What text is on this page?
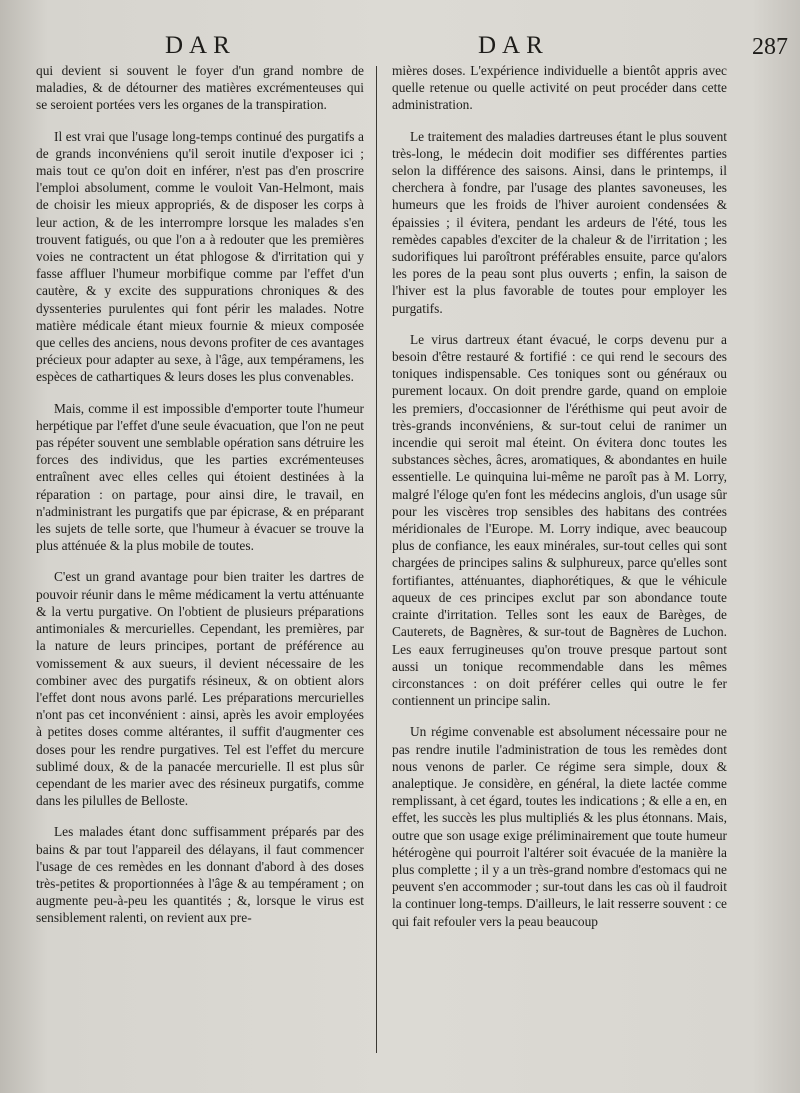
DAR	DAR	287

qui devient si souvent le foyer d'un grand nombre de maladies, & de détourner des matières excrémenteuses qui se seroient portées vers les organes de la transpiration.

Il est vrai que l'usage long-temps continué des purgatifs a de grands inconvéniens qu'il seroit inutile d'exposer ici ; mais tout ce qu'on doit en inférer, n'est pas d'en proscrire l'emploi absolument, comme le vouloit Van-Helmont, mais de choisir les mieux appropriés, & de disposer les corps à leur action, & de les interrompre lorsque les malades s'en trouvent fatigués, ou que l'on a à redouter que les premières voies ne contractent un état phlogose & d'irritation qui y fasse affluer l'humeur morbifique comme par l'effet d'un cautère, & y excite des suppurations chroniques & des dyssenteries purulentes qui font périr les malades. Notre matière médicale étant mieux fournie & mieux composée que celles des anciens, nous devons profiter de ces avantages précieux pour adapter au sexe, à l'âge, aux tempéramens, les espèces de cathartiques & leurs doses les plus convenables.

Mais, comme il est impossible d'emporter toute l'humeur herpétique par l'effet d'une seule évacuation, que l'on ne peut pas répéter souvent une semblable opération sans détruire les forces des individus, que les parties excrémenteuses entraînent avec elles celles qui étoient destinées à la réparation : on partage, pour ainsi dire, le travail, en n'administrant les purgatifs que par épicrase, & en préparant les sujets de telle sorte, que l'humeur à évacuer se trouve la plus atténuée & la plus mobile de toutes.

C'est un grand avantage pour bien traiter les dartres de pouvoir réunir dans le même médicament la vertu atténuante & la vertu purgative. On l'obtient de plusieurs préparations antimoniales & mercurielles. Cependant, les premières, par la nature de leurs principes, portant de préférence au vomissement & aux sueurs, il devient nécessaire de les combiner avec des purgatifs résineux, & on obtient alors l'effet dont nous avons parlé. Les préparations mercurielles n'ont pas cet inconvénient : ainsi, après les avoir employées à petites doses comme altérantes, il suffit d'augmenter ces doses pour les rendre purgatives. Tel est l'effet du mercure sublimé doux, & de la panacée mercurielle. Il est plus sûr cependant de les marier avec des résineux purgatifs, comme dans les pilulles de Belloste.

Les malades étant donc suffisamment préparés par des bains & par tout l'appareil des délayans, il faut commencer l'usage de ces remèdes en les donnant d'abord à des doses très-petites & proportionnées à l'âge & au tempérament ; on augmente peu-à-peu les quantités ; &, lorsque le virus est sensiblement ralenti, on revient aux pre-

mières doses. L'expérience individuelle a bientôt appris avec quelle retenue ou quelle activité on peut procéder dans cette administration.

Le traitement des maladies dartreuses étant le plus souvent très-long, le médecin doit modifier ses différentes parties selon la différence des saisons. Ainsi, dans le printemps, il cherchera à fondre, par l'usage des plantes savoneuses, les humeurs que les froids de l'hiver auroient condensées & épaissies ; il évitera, pendant les ardeurs de l'été, tous les remèdes capables d'exciter de la chaleur & de l'irritation ; les sudorifiques lui paroîtront préférables ensuite, parce qu'alors les pores de la peau sont plus ouverts ; enfin, la saison de l'hiver est la plus favorable de toutes pour employer les purgatifs.

Le virus dartreux étant évacué, le corps devenu pur a besoin d'être restauré & fortifié : ce qui rend le secours des toniques indispensable. Ces toniques sont ou généraux ou purement locaux. On doit prendre garde, quand on emploie les premiers, d'occasionner de l'éréthisme qui peut avoir de très-grands inconvéniens, & sur-tout celui de ranimer un incendie qui seroit mal éteint. On évitera donc toutes les substances sèches, âcres, aromatiques, & abondantes en huile essentielle. Le quinquina lui-même ne paroît pas à M. Lorry, malgré l'éloge qu'en font les médecins anglois, d'un usage sûr pour les viscères trop sensibles des habitans des contrées méridionales de l'Europe. M. Lorry indique, avec beaucoup plus de confiance, les eaux minérales, sur-tout celles qui sont chargées de principes salins & sulphureux, parce qu'elles sont fortifiantes, atténuantes, diaphorétiques, & que le véhicule aqueux de ces principes exclut par son abondance toute crainte d'irritation. Telles sont les eaux de Barèges, de Cauterets, de Bagnères, & sur-tout de Bagnères de Luchon. Les eaux ferrugineuses qu'on trouve presque partout sont aussi un tonique recommendable dans les mêmes circonstances : on doit préférer celles qui outre le fer contiennent un principe salin.

Un régime convenable est absolument nécessaire pour ne pas rendre inutile l'administration de tous les remèdes dont nous venons de parler. Ce régime sera simple, doux & analeptique. Je considère, en général, la diete lactée comme remplissant, à cet égard, toutes les indications ; & elle a en, en effet, les succès les plus multipliés & les plus étonnans. Mais, outre que son usage exige préliminairement que toute humeur hétérogène qui pourroit l'altérer soit évacuée de la manière la plus complette ; il y a un très-grand nombre d'estomacs qui ne peuvent s'en accommoder ; sur-tout dans les cas où il faudroit la continuer long-temps. D'ailleurs, le lait resserre souvent : ce qui fait refouler vers la peau beaucoup
